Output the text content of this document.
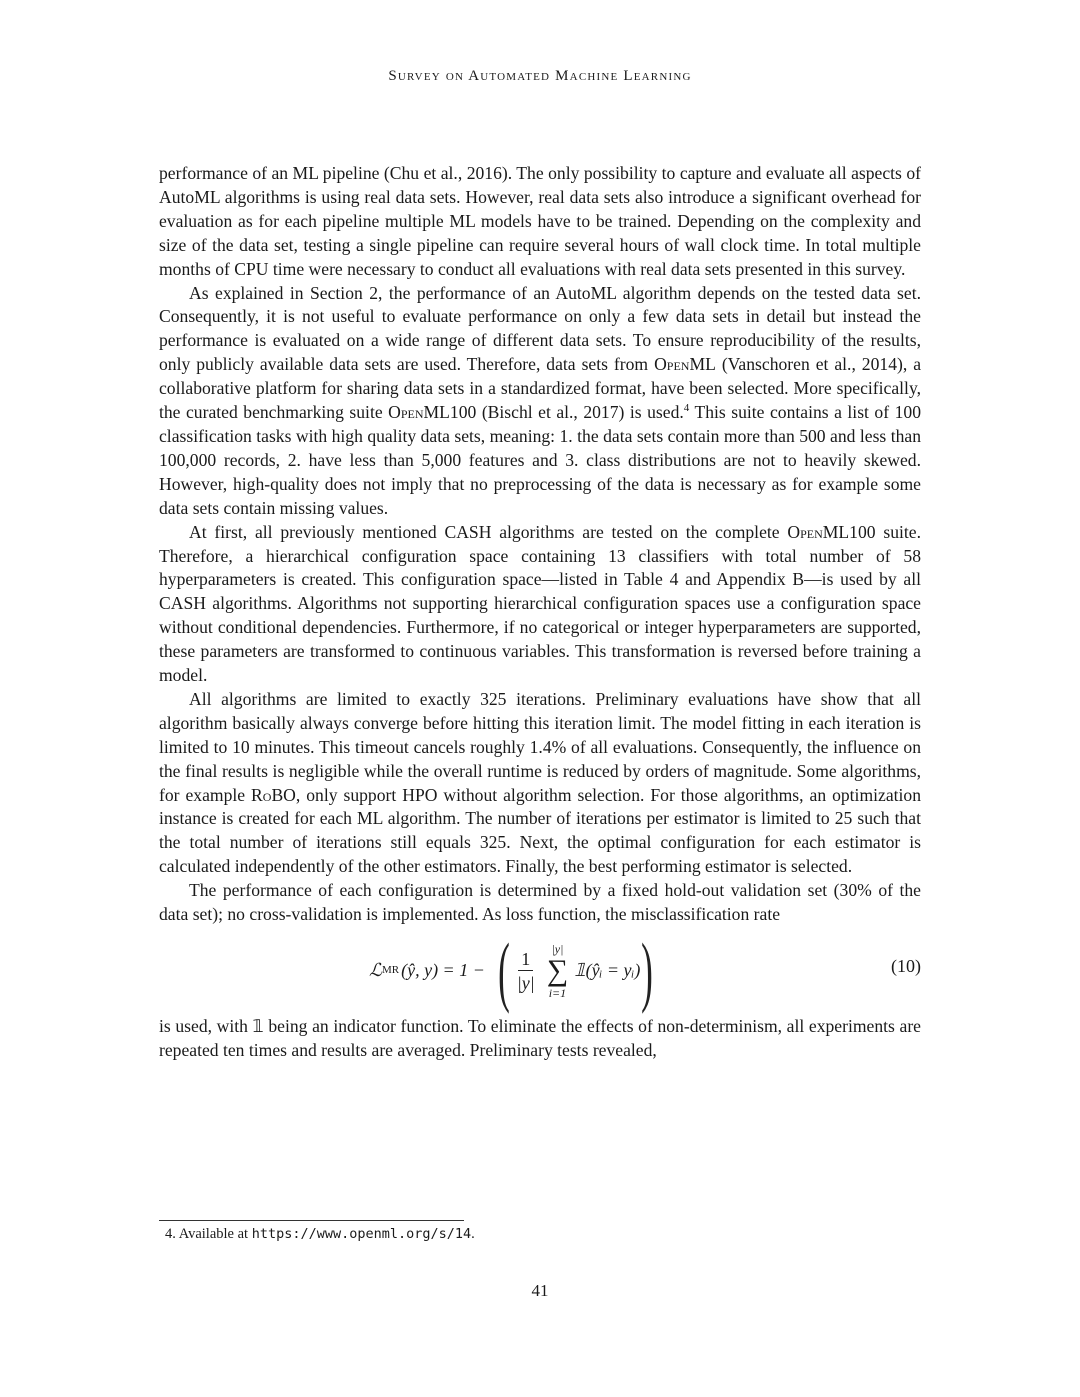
Survey on Automated Machine Learning

performance of an ML pipeline (Chu et al., 2016). The only possibility to capture and evaluate all aspects of AutoML algorithms is using real data sets. However, real data sets also introduce a significant overhead for evaluation as for each pipeline multiple ML models have to be trained. Depending on the complexity and size of the data set, testing a single pipeline can require several hours of wall clock time. In total multiple months of CPU time were necessary to conduct all evaluations with real data sets presented in this survey.

As explained in Section 2, the performance of an AutoML algorithm depends on the tested data set. Consequently, it is not useful to evaluate performance on only a few data sets in detail but instead the performance is evaluated on a wide range of different data sets. To ensure reproducibility of the results, only publicly available data sets are used. Therefore, data sets from OpenML (Vanschoren et al., 2014), a collaborative platform for sharing data sets in a standardized format, have been selected. More specifically, the curated benchmarking suite OpenML100 (Bischl et al., 2017) is used.$^4$ This suite contains a list of 100 classification tasks with high quality data sets, meaning: 1. the data sets contain more than 500 and less than 100,000 records, 2. have less than 5,000 features and 3. class distributions are not to heavily skewed. However, high-quality does not imply that no preprocessing of the data is necessary as for example some data sets contain missing values.

At first, all previously mentioned CASH algorithms are tested on the complete OpenML100 suite. Therefore, a hierarchical configuration space containing 13 classifiers with total number of 58 hyperparameters is created. This configuration space—listed in Table 4 and Appendix B—is used by all CASH algorithms. Algorithms not supporting hierarchical configuration spaces use a configuration space without conditional dependencies. Furthermore, if no categorical or integer hyperparameters are supported, these parameters are transformed to continuous variables. This transformation is reversed before training a model.

All algorithms are limited to exactly 325 iterations. Preliminary evaluations have show that all algorithm basically always converge before hitting this iteration limit. The model fitting in each iteration is limited to 10 minutes. This timeout cancels roughly 1.4% of all evaluations. Consequently, the influence on the final results is negligible while the overall runtime is reduced by orders of magnitude. Some algorithms, for example RoBO, only support HPO without algorithm selection. For those algorithms, an optimization instance is created for each ML algorithm. The number of iterations per estimator is limited to 25 such that the total number of iterations still equals 325. Next, the optimal configuration for each estimator is calculated independently of the other estimators. Finally, the best performing estimator is selected.

The performance of each configuration is determined by a fixed hold-out validation set (30% of the data set); no cross-validation is implemented. As loss function, the misclassification rate

ℒ MR (ŷ, y) = 1 − ( $\frac{1}{|y|} |y|$
∑
i=1
𝟙(ŷᵢ = yᵢ) )	(10)

is used, with 𝟙 being an indicator function. To eliminate the effects of non-determinism, all experiments are repeated ten times and results are averaged. Preliminary tests revealed,

4. Available at https://www.openml.org/s/14.
41
